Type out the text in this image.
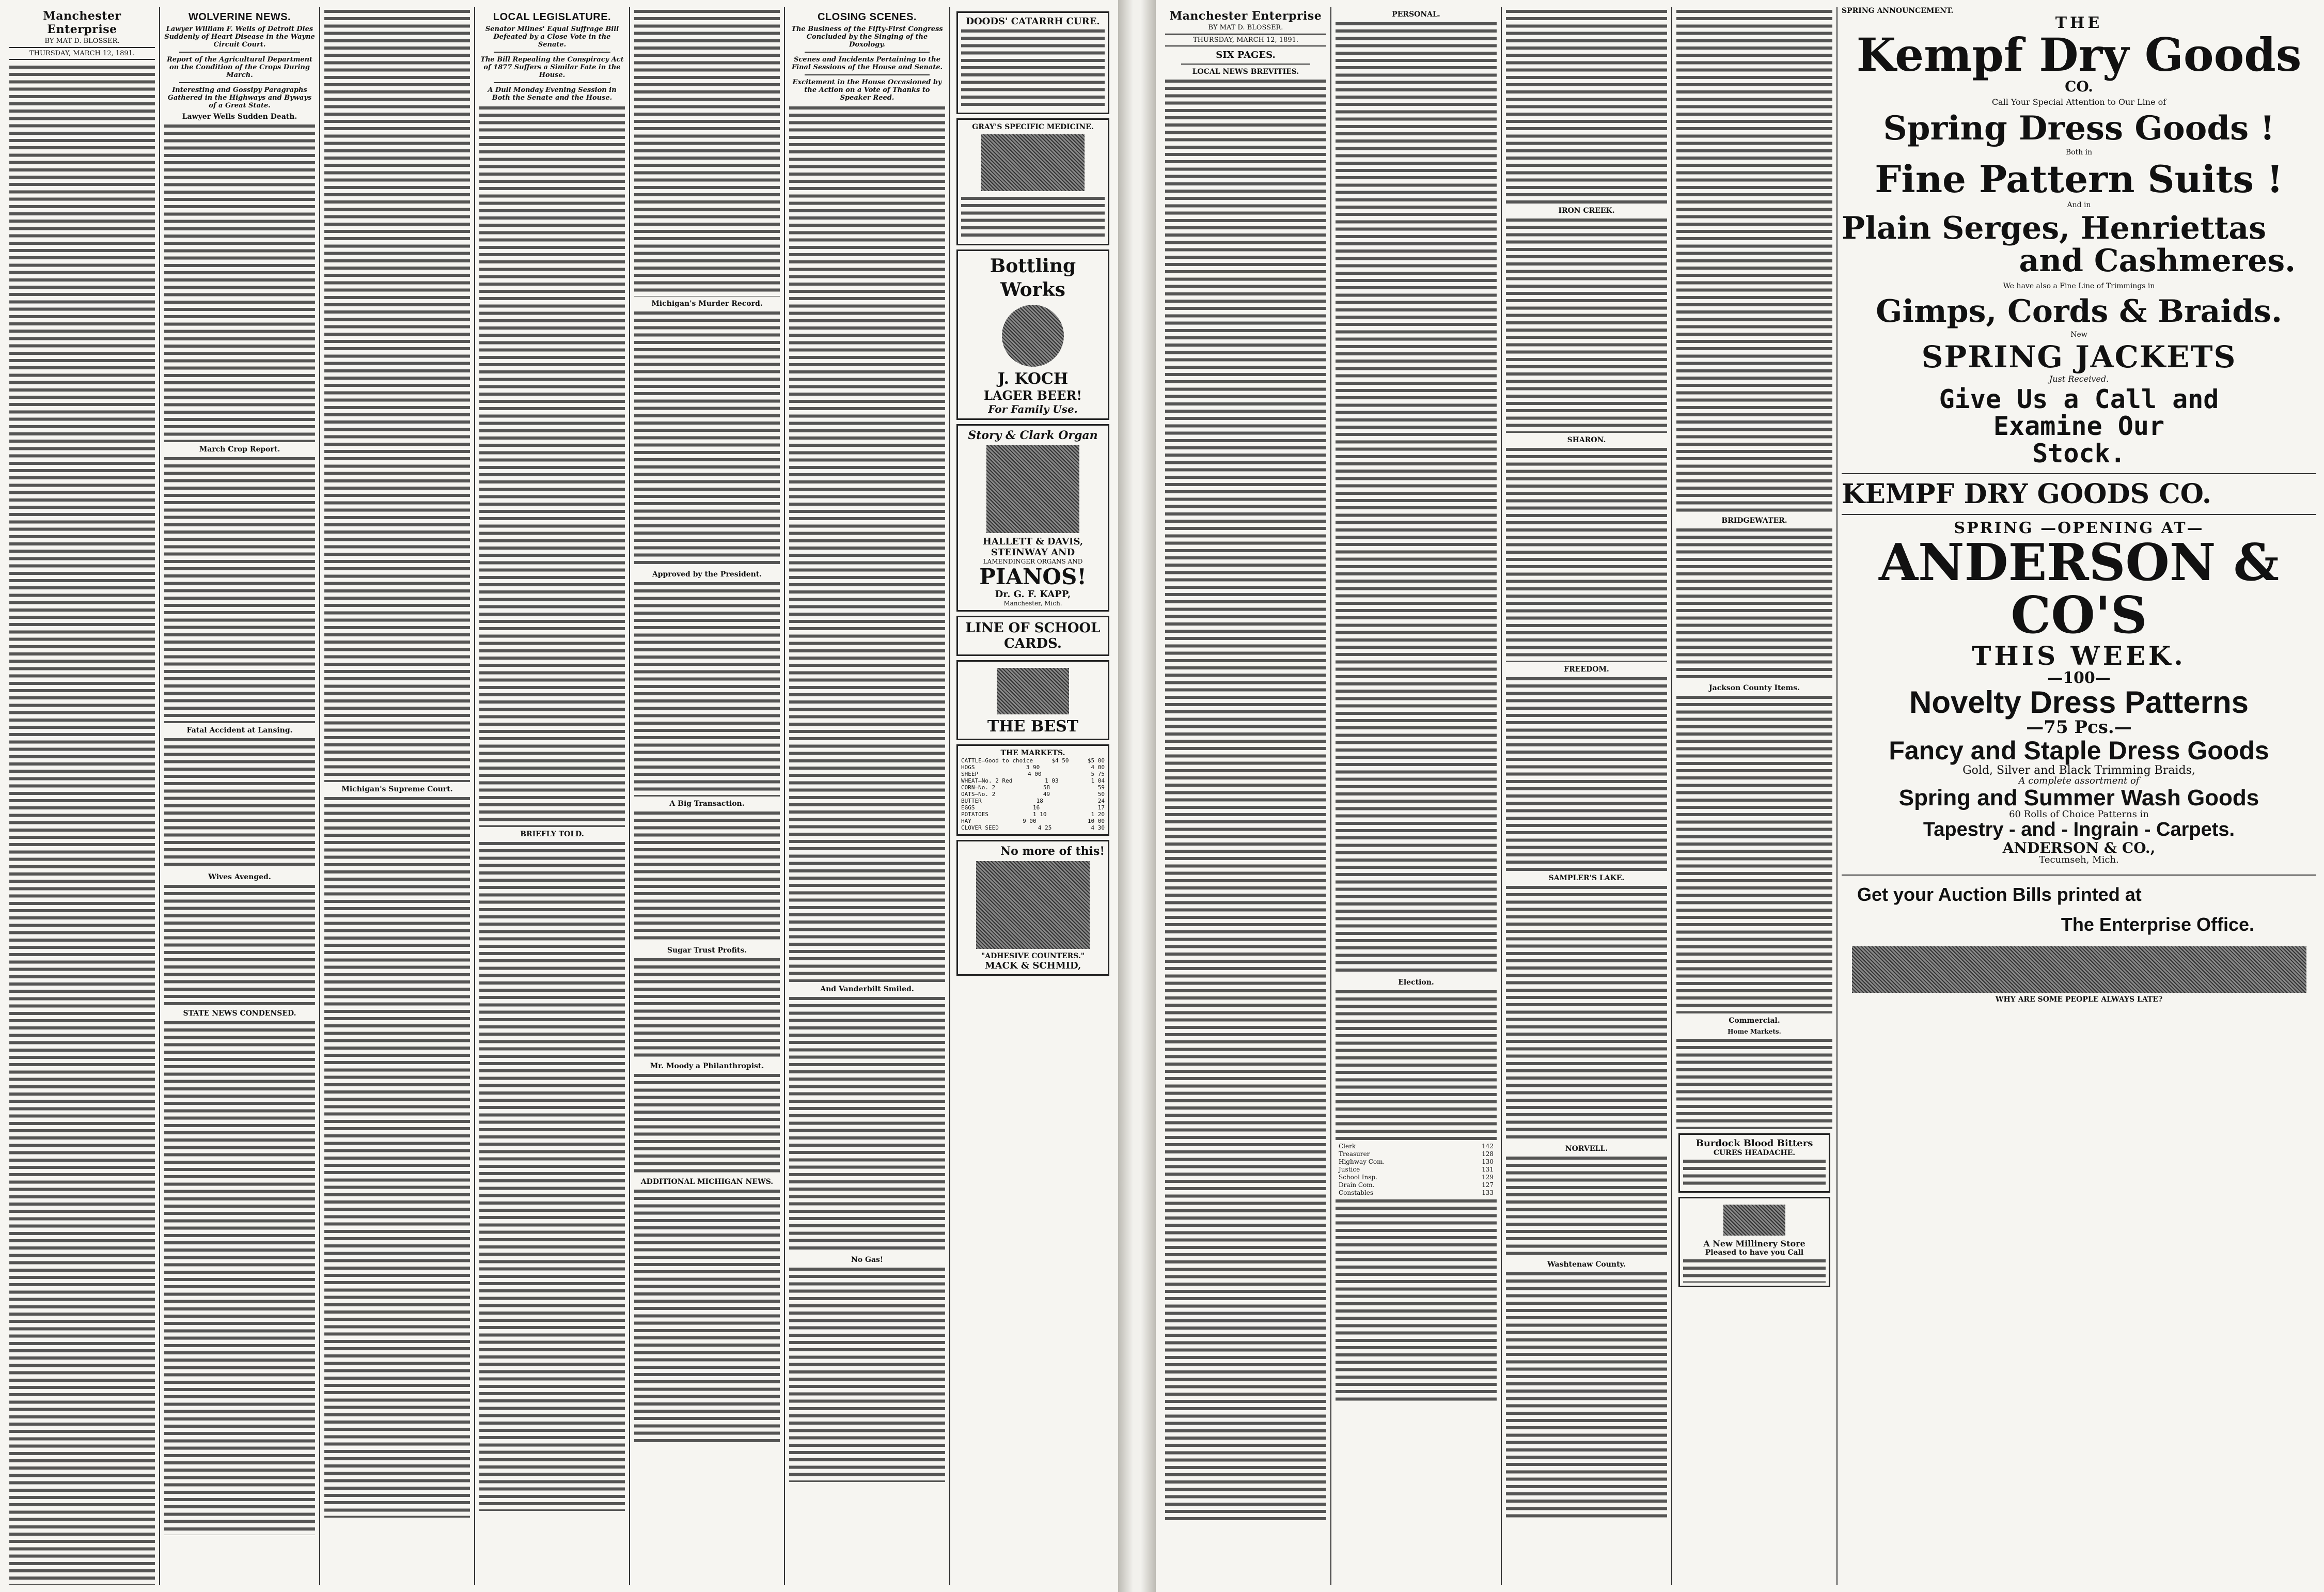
Manchester Enterprise
BY MAT D. BLOSSER.
THURSDAY, MARCH 12, 1891.
WOLVERINE NEWS.
Lawyer William F. Wells of Detroit Dies Suddenly of Heart Disease in the Wayne Circuit Court.
Report of the Agricultural Department on the Condition of the Crops During March.
Interesting and Gossipy Paragraphs Gathered in the Highways and Byways of a Great State.
Lawyer Wells Sudden Death.
March Crop Report.
Fatal Accident at Lansing.
Wives Avenged.
STATE NEWS CONDENSED.
Michigan's Supreme Court.
LOCAL LEGISLATURE.
Senator Milnes' Equal Suffrage Bill Defeated by a Close Vote in the Senate.
The Bill Repealing the Conspiracy Act of 1877 Suffers a Similar Fate in the House.
A Dull Monday Evening Session in Both the Senate and the House.
BRIEFLY TOLD.
Michigan's Murder Record.
Approved by the President.
A Big Transaction.
Sugar Trust Profits.
Mr. Moody a Philanthropist.
ADDITIONAL MICHIGAN NEWS.
CLOSING SCENES.
The Business of the Fifty-First Congress Concluded by the Singing of the Doxology.
Scenes and Incidents Pertaining to the Final Sessions of the House and Senate.
Excitement in the House Occasioned by the Action on a Vote of Thanks to Speaker Reed.
And Vanderbilt Smiled.
No Gas!
DOODS' CATARRH CURE.
GRAY'S SPECIFIC MEDICINE.
Bottling Works
J. KOCH
LAGER BEER!
For Family Use.
Story & Clark Organ
HALLETT & DAVIS,
STEINWAY AND
LAMENDINGER ORGANS AND
PIANOS!
Dr. G. F. KAPP,
Manchester, Mich.
LINE OF SCHOOL CARDS.
THE BEST
THE MARKETS.
CATTLE—Good to choice	$4 50	$5 00
HOGS	3 90	4 00
SHEEP	4 00	5 75
WHEAT—No. 2 Red	1 03	1 04
CORN—No. 2	58	59
OATS—No. 2	49	50
BUTTER	18	24
EGGS	16	17
POTATOES	1 10	1 20
HAY	9 00	10 00
CLOVER SEED	4 25	4 30
No more of this!
"ADHESIVE COUNTERS."
MACK & SCHMID,
Manchester Enterprise
BY MAT D. BLOSSER.
THURSDAY, MARCH 12, 1891.
SIX PAGES.
LOCAL NEWS BREVITIES.
PERSONAL.
Election.
Clerk	142
Treasurer	128
Highway Com.	130
Justice	131
School Insp.	129
Drain Com.	127
Constables	133
IRON CREEK.
SHARON.
FREEDOM.
SAMPLER'S LAKE.
NORVELL.
Washtenaw County.
BRIDGEWATER.
Jackson County Items.
Commercial.
Home Markets.
Burdock Blood Bitters
CURES HEADACHE.
A New Millinery Store
Pleased to have you Call
SPRING ANNOUNCEMENT.
THE
Kempf Dry Goods
CO.
Call Your Special Attention to Our Line of
Spring Dress Goods !
Both in
Fine Pattern Suits !
And in
Plain Serges, Henriettas
and Cashmeres.
We have also a Fine Line of Trimmings in
Gimps, Cords & Braids.
New
SPRING JACKETS
Just Received.
Give Us a Call and
Examine Our
Stock.
KEMPF DRY GOODS CO.
SPRING —OPENING AT—
ANDERSON & CO'S
THIS WEEK.
—100—
Novelty Dress Patterns
—75 Pcs.—
Fancy and Staple Dress Goods
Gold, Silver and Black Trimming Braids,
A complete assortment of
Spring and Summer Wash Goods
60 Rolls of Choice Patterns in
Tapestry - and - Ingrain - Carpets.
ANDERSON & CO.,
Tecumseh, Mich.
Get your Auction Bills printed at
The Enterprise Office.
WHY ARE SOME PEOPLE ALWAYS LATE?
